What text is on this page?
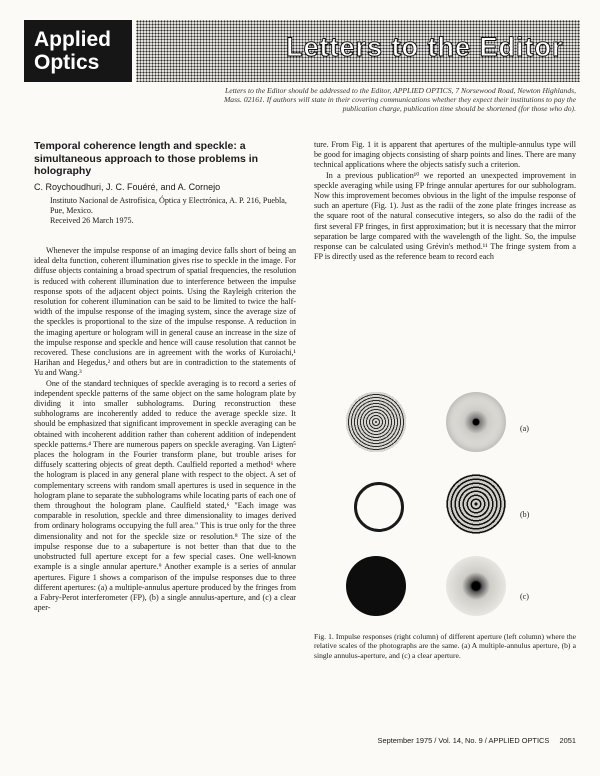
Applied
Optics
Letters to the Editor
Letters to the Editor should be addressed to the Editor, APPLIED OPTICS, 7 Norsewood Road, Newton Highlands, Mass. 02161. If authors will state in their covering communications whether they expect their institutions to pay the publication charge, publication time should be shortened (for those who do).
Temporal coherence length and speckle: a simultaneous approach to those problems in holography
C. Roychoudhuri, J. C. Fouéré, and A. Cornejo
Instituto Nacional de Astrofísica, Óptica y Electrónica, A. P. 216, Puebla, Pue, Mexico.
Received 26 March 1975.

Whenever the impulse response of an imaging device falls short of being an ideal delta function, coherent illumination gives rise to speckle in the image. For diffuse objects containing a broad spectrum of spatial frequencies, the resolution is reduced with coherent illumination due to interference between the impulse response spots of the adjacent object points. Using the Rayleigh criterion the resolution for coherent illumination can be said to be limited to twice the half-width of the impulse response of the imaging system, since the average size of the speckles is proportional to the size of the impulse response. A reduction in the imaging aperture or hologram will in general cause an increase in the size of the impulse response and speckle and hence will cause resolution that cannot be recovered. These conclusions are in agreement with the works of Kuroiachi,¹ Harihan and Hegedus,² and others but are in contradiction to the statements of Yu and Wang.³

One of the standard techniques of speckle averaging is to record a series of independent speckle patterns of the same object on the same hologram plate by dividing it into smaller subholograms. During reconstruction these subholograms are incoherently added to reduce the average speckle size. It should be emphasized that significant improvement in speckle averaging can be obtained with incoherent addition rather than coherent addition of independent speckle patterns.⁴ There are numerous papers on speckle averaging. Van Ligten⁵ places the hologram in the Fourier transform plane, but trouble arises for diffusely scattering objects of great depth. Caulfield reported a method⁶ where the hologram is placed in any general plane with respect to the object. A set of complementary screens with random small apertures is used in sequence in the hologram plane to separate the subholograms while locating parts of each one of them throughout the hologram plane. Caulfield stated,⁶ "Each image was comparable in resolution, speckle and three dimensionality to images derived from ordinary holograms occupying the full area." This is true only for the three dimensionality and not for the speckle size or resolution.⁸ The size of the impulse response due to a subaperture is not better than that due to the unobstructed full aperture except for a few special cases. One well-known example is a single annular aperture.⁹ Another example is a series of annular apertures. Figure 1 shows a comparison of the impulse responses due to three different apertures: (a) a multiple-annulus aperture produced by the fringes from a Fabry-Perot interferometer (FP), (b) a single annulus-aperture, and (c) a clear aper-

ture. From Fig. 1 it is apparent that apertures of the multiple-annulus type will be good for imaging objects consisting of sharp points and lines. There are many technical applications where the objects satisfy such a criterion.

In a previous publication¹⁰ we reported an unexpected improvement in speckle averaging while using FP fringe annular apertures for our subhologram. Now this improvement becomes obvious in the light of the impulse response of such an aperture (Fig. 1). Just as the radii of the zone plate fringes increase as the square root of the natural consecutive integers, so also do the radii of the first several FP fringes, in first approximation; but it is necessary that the mirror separation be large compared with the wavelength of the light. So, the impulse response can be calculated using Grévin's method.¹¹ The fringe system from a FP is directly used as the reference beam to record each

(a)
(b)
(c)
Fig. 1. Impulse responses (right column) of different aperture (left column) where the relative scales of the photographs are the same. (a) A multiple-annulus aperture, (b) a single annulus-aperture, and (c) a clear aperture.
September 1975 / Vol. 14, No. 9 / APPLIED OPTICS 2051
